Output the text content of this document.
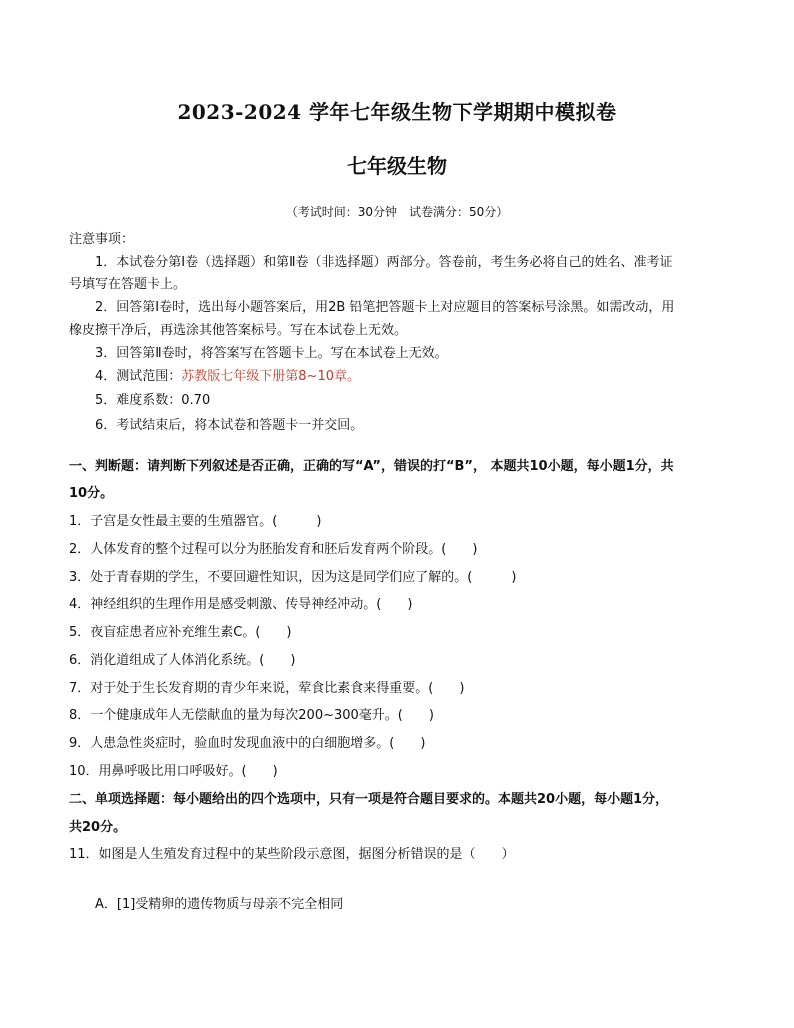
2023-2024 学年七年级生物下学期期中模拟卷
七年级生物
（考试时间：30分钟　试卷满分：50分）
注意事项：
1．本试卷分第Ⅰ卷（选择题）和第Ⅱ卷（非选择题）两部分。答卷前，考生务必将自己的姓名、准考证
号填写在答题卡上。
2．回答第Ⅰ卷时，选出每小题答案后，用2B 铅笔把答题卡上对应题目的答案标号涂黑。如需改动，用
橡皮擦干净后，再选涂其他答案标号。写在本试卷上无效。
3．回答第Ⅱ卷时，将答案写在答题卡上。写在本试卷上无效。
4．测试范围：苏教版七年级下册第8~10章。
5．难度系数：0.70
6．考试结束后，将本试卷和答题卡一并交回。
一、判断题：请判断下列叙述是否正确，正确的写“A”，错误的打“B”， 本题共10小题，每小题1分，共
10分。
1．子宫是女性最主要的生殖器官。(　　　)
2．人体发育的整个过程可以分为胚胎发育和胚后发育两个阶段。(　　)
3．处于青春期的学生，不要回避性知识，因为这是同学们应了解的。(　　　)
4．神经组织的生理作用是感受刺激、传导神经冲动。(　　)
5．夜盲症患者应补充维生素C。(　　)
6．消化道组成了人体消化系统。(　　)
7．对于处于生长发育期的青少年来说，荤食比素食来得重要。(　　)
8．一个健康成年人无偿献血的量为每次200~300毫升。(　　)
9．人患急性炎症时，验血时发现血液中的白细胞增多。(　　)
10．用鼻呼吸比用口呼吸好。(　　)
二、单项选择题：每小题给出的四个选项中，只有一项是符合题目要求的。本题共20小题，每小题1分，
共20分。
11．如图是人生殖发育过程中的某些阶段示意图，据图分析错误的是（　　）
A．[1]受精卵的遗传物质与母亲不完全相同
